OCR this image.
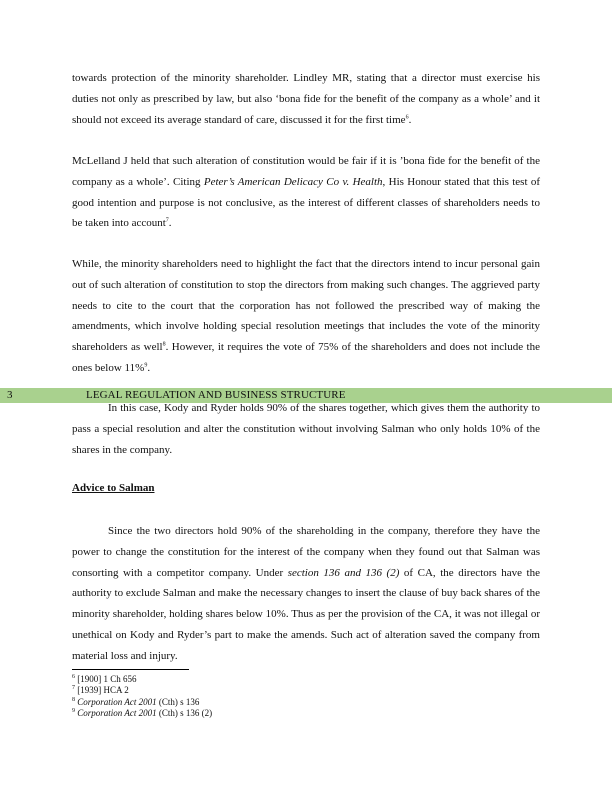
towards protection of the minority shareholder. Lindley MR, stating that a director must exercise his duties not only as prescribed by law, but also ‘bona fide for the benefit of the company as a whole’ and it should not exceed its average standard of care, discussed it for the first time$^6$.

McLelland J held that such alteration of constitution would be fair if it is ’bona fide for the benefit of the company as a whole’. Citing Peter’s American Delicacy Co v. Health, His Honour stated that this test of good intention and purpose is not conclusive, as the interest of different classes of shareholders needs to be taken into account$^7$.

While, the minority shareholders need to highlight the fact that the directors intend to incur personal gain out of such alteration of constitution to stop the directors from making such changes. The aggrieved party needs to cite to the court that the corporation has not followed the prescribed way of making the amendments, which involve holding special resolution meetings that includes the vote of the minority shareholders as well$^8$. However, it requires the vote of 75% of the shareholders and does not include the ones below 11%$^9$.

3	LEGAL REGULATION AND BUSINESS STRUCTURE

In this case, Kody and Ryder holds 90% of the shares together, which gives them the authority to pass a special resolution and alter the constitution without involving Salman who only holds 10% of the shares in the company.

Advice to Salman

Since the two directors hold 90% of the shareholding in the company, therefore they have the power to change the constitution for the interest of the company when they found out that Salman was consorting with a competitor company. Under section 136 and 136 (2) of CA, the directors have the authority to exclude Salman and make the necessary changes to insert the clause of buy back shares of the minority shareholder, holding shares below 10%. Thus as per the provision of the CA, it was not illegal or unethical on Kody and Ryder’s part to make the amends. Such act of alteration saved the company from material loss and injury.

$^6$ [1900] 1 Ch 656
$^7$ [1939] HCA 2
$^8$ Corporation Act 2001 (Cth) s 136
$^9$ Corporation Act 2001 (Cth) s 136 (2)
